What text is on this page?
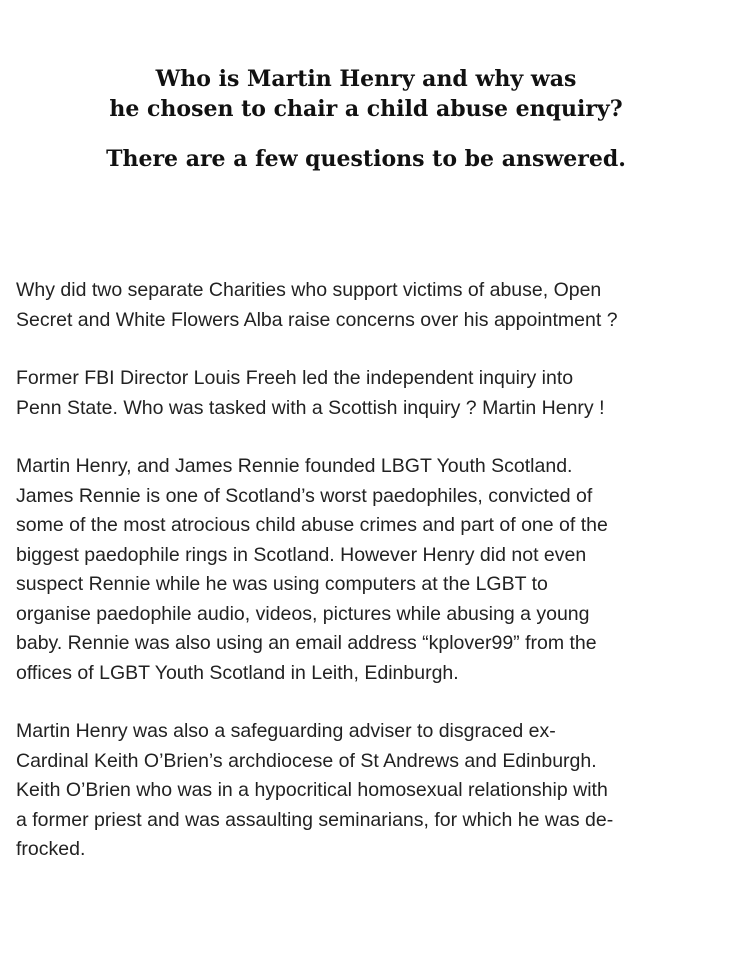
Who is Martin Henry and why was
he chosen to chair a child abuse enquiry?
There are a few questions to be answered.

Why did two separate Charities who support victims of abuse, Open
Secret and White Flowers Alba raise concerns over his appointment ?

Former FBI Director Louis Freeh led the independent inquiry into
Penn State. Who was tasked with a Scottish inquiry ? Martin Henry !

Martin Henry, and James Rennie founded LBGT Youth Scotland.
James Rennie is one of Scotland’s worst paedophiles, convicted of
some of the most atrocious child abuse crimes and part of one of the
biggest paedophile rings in Scotland. However Henry did not even
suspect Rennie while he was using computers at the LGBT to
organise paedophile audio, videos, pictures while abusing a young
baby. Rennie was also using an email address “kplover99” from the
offices of LGBT Youth Scotland in Leith, Edinburgh.

Martin Henry was also a safeguarding adviser to disgraced ex-
Cardinal Keith O’Brien’s archdiocese of St Andrews and Edinburgh.
Keith O’Brien who was in a hypocritical homosexual relationship with
a former priest and was assaulting seminarians, for which he was de-
frocked.
